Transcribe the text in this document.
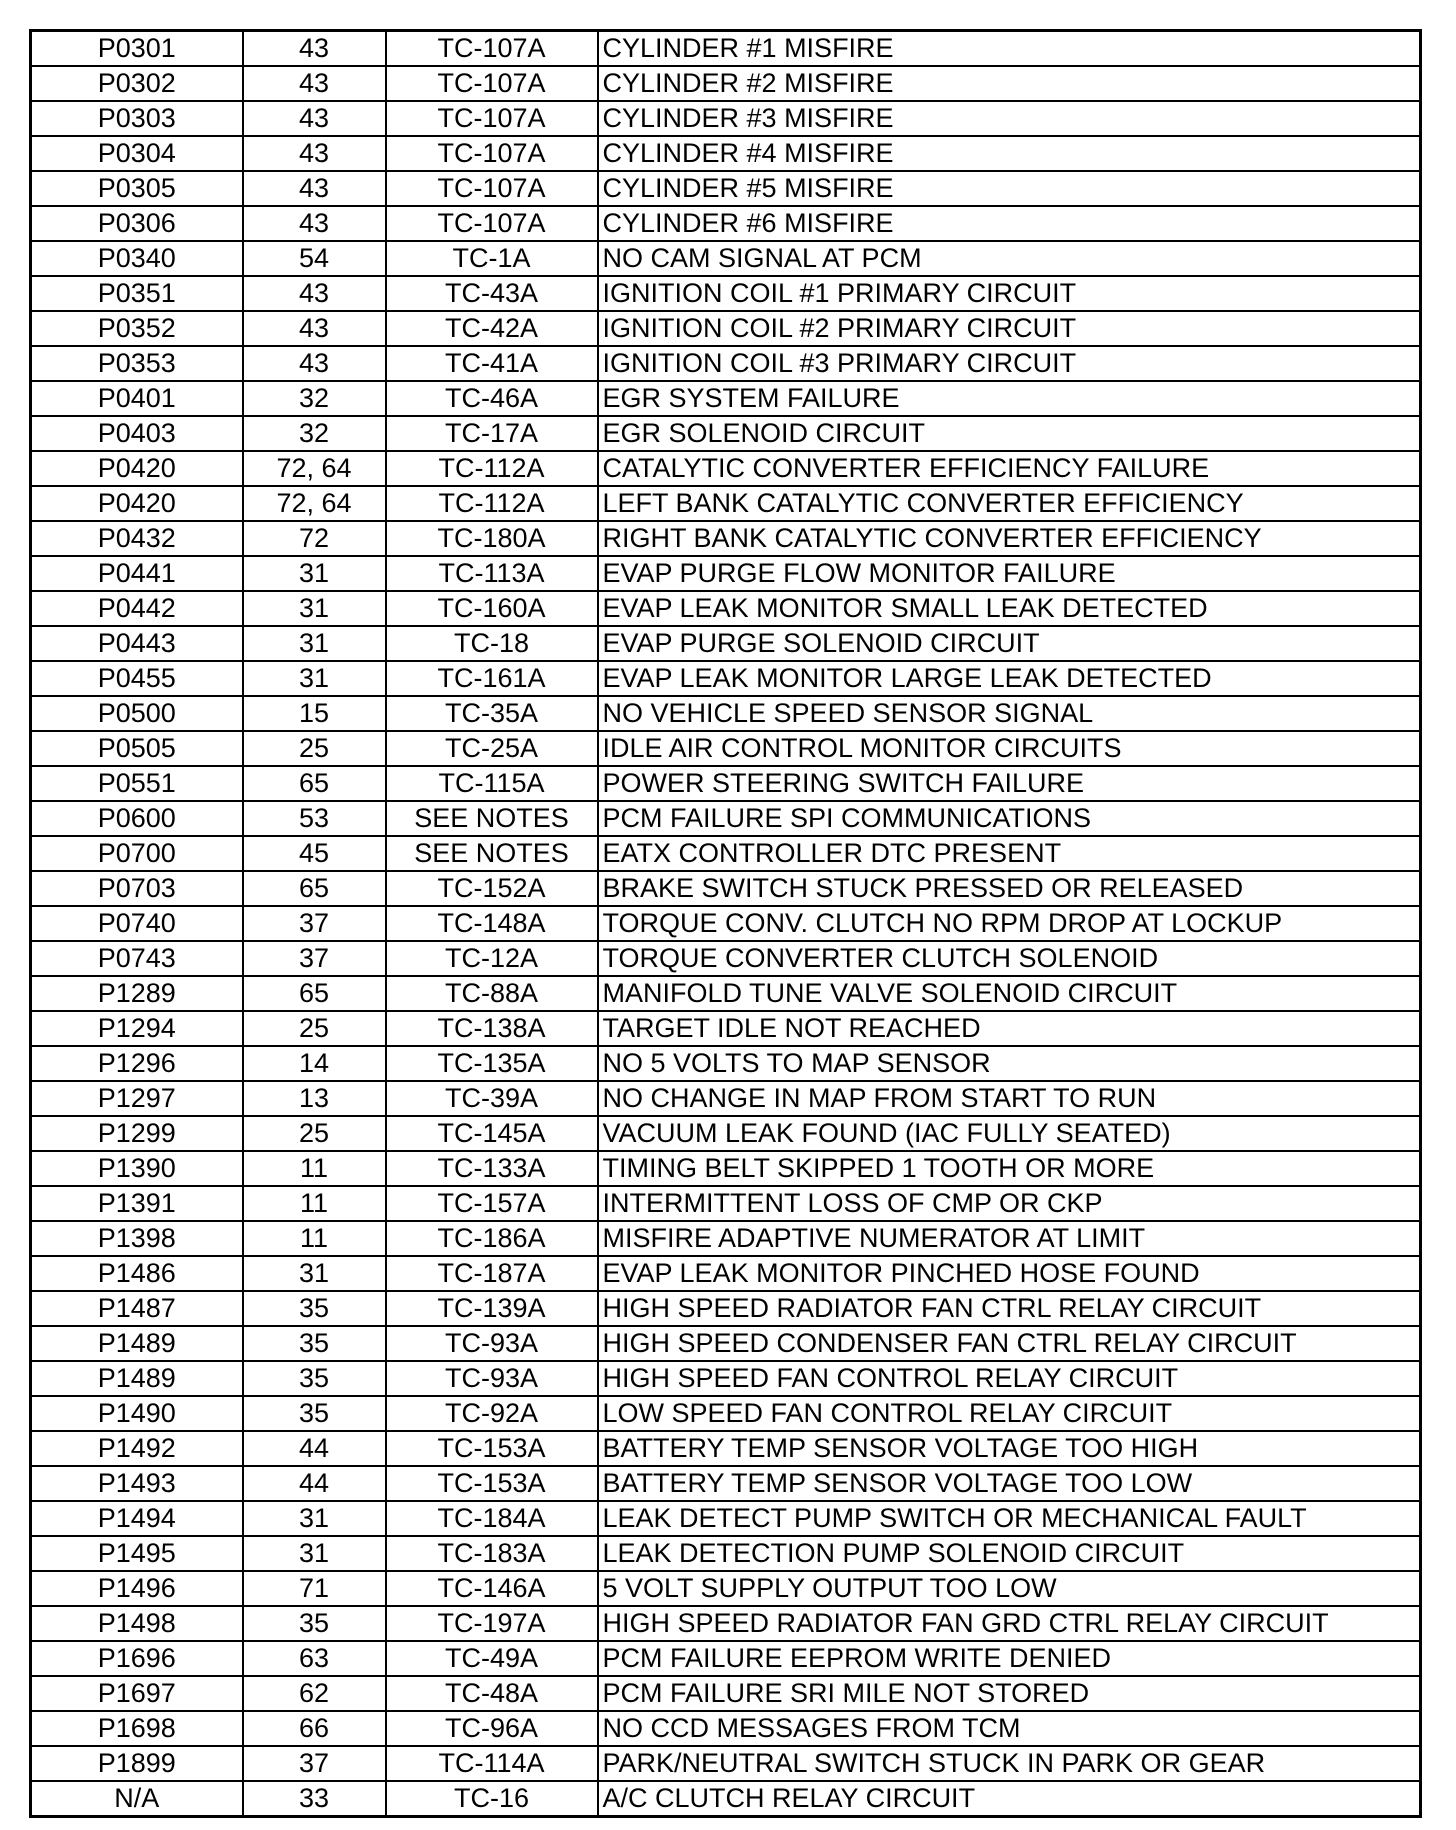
P0301	43	TC-107A	CYLINDER #1 MISFIRE
P0302	43	TC-107A	CYLINDER #2 MISFIRE
P0303	43	TC-107A	CYLINDER #3 MISFIRE
P0304	43	TC-107A	CYLINDER #4 MISFIRE
P0305	43	TC-107A	CYLINDER #5 MISFIRE
P0306	43	TC-107A	CYLINDER #6 MISFIRE
P0340	54	TC-1A	NO CAM SIGNAL AT PCM
P0351	43	TC-43A	IGNITION COIL #1 PRIMARY CIRCUIT
P0352	43	TC-42A	IGNITION COIL #2 PRIMARY CIRCUIT
P0353	43	TC-41A	IGNITION COIL #3 PRIMARY CIRCUIT
P0401	32	TC-46A	EGR SYSTEM FAILURE
P0403	32	TC-17A	EGR SOLENOID CIRCUIT
P0420	72, 64	TC-112A	CATALYTIC CONVERTER EFFICIENCY FAILURE
P0420	72, 64	TC-112A	LEFT BANK CATALYTIC CONVERTER EFFICIENCY
P0432	72	TC-180A	RIGHT BANK CATALYTIC CONVERTER EFFICIENCY
P0441	31	TC-113A	EVAP PURGE FLOW MONITOR FAILURE
P0442	31	TC-160A	EVAP LEAK MONITOR SMALL LEAK DETECTED
P0443	31	TC-18	EVAP PURGE SOLENOID CIRCUIT
P0455	31	TC-161A	EVAP LEAK MONITOR LARGE LEAK DETECTED
P0500	15	TC-35A	NO VEHICLE SPEED SENSOR SIGNAL
P0505	25	TC-25A	IDLE AIR CONTROL MONITOR CIRCUITS
P0551	65	TC-115A	POWER STEERING SWITCH FAILURE
P0600	53	SEE NOTES	PCM FAILURE SPI COMMUNICATIONS
P0700	45	SEE NOTES	EATX CONTROLLER DTC PRESENT
P0703	65	TC-152A	BRAKE SWITCH STUCK PRESSED OR RELEASED
P0740	37	TC-148A	TORQUE CONV. CLUTCH NO RPM DROP AT LOCKUP
P0743	37	TC-12A	TORQUE CONVERTER CLUTCH SOLENOID
P1289	65	TC-88A	MANIFOLD TUNE VALVE SOLENOID CIRCUIT
P1294	25	TC-138A	TARGET IDLE NOT REACHED
P1296	14	TC-135A	NO 5 VOLTS TO MAP SENSOR
P1297	13	TC-39A	NO CHANGE IN MAP FROM START TO RUN
P1299	25	TC-145A	VACUUM LEAK FOUND (IAC FULLY SEATED)
P1390	11	TC-133A	TIMING BELT SKIPPED 1 TOOTH OR MORE
P1391	11	TC-157A	INTERMITTENT LOSS OF CMP OR CKP
P1398	11	TC-186A	MISFIRE ADAPTIVE NUMERATOR AT LIMIT
P1486	31	TC-187A	EVAP LEAK MONITOR PINCHED HOSE FOUND
P1487	35	TC-139A	HIGH SPEED RADIATOR FAN CTRL RELAY CIRCUIT
P1489	35	TC-93A	HIGH SPEED CONDENSER FAN CTRL RELAY CIRCUIT
P1489	35	TC-93A	HIGH SPEED FAN CONTROL RELAY CIRCUIT
P1490	35	TC-92A	LOW SPEED FAN CONTROL RELAY CIRCUIT
P1492	44	TC-153A	BATTERY TEMP SENSOR VOLTAGE TOO HIGH
P1493	44	TC-153A	BATTERY TEMP SENSOR VOLTAGE TOO LOW
P1494	31	TC-184A	LEAK DETECT PUMP SWITCH OR MECHANICAL FAULT
P1495	31	TC-183A	LEAK DETECTION PUMP SOLENOID CIRCUIT
P1496	71	TC-146A	5 VOLT SUPPLY OUTPUT TOO LOW
P1498	35	TC-197A	HIGH SPEED RADIATOR FAN GRD CTRL RELAY CIRCUIT
P1696	63	TC-49A	PCM FAILURE EEPROM WRITE DENIED
P1697	62	TC-48A	PCM FAILURE SRI MILE NOT STORED
P1698	66	TC-96A	NO CCD MESSAGES FROM TCM
P1899	37	TC-114A	PARK/NEUTRAL SWITCH STUCK IN PARK OR GEAR
N/A	33	TC-16	A/C CLUTCH RELAY CIRCUIT
